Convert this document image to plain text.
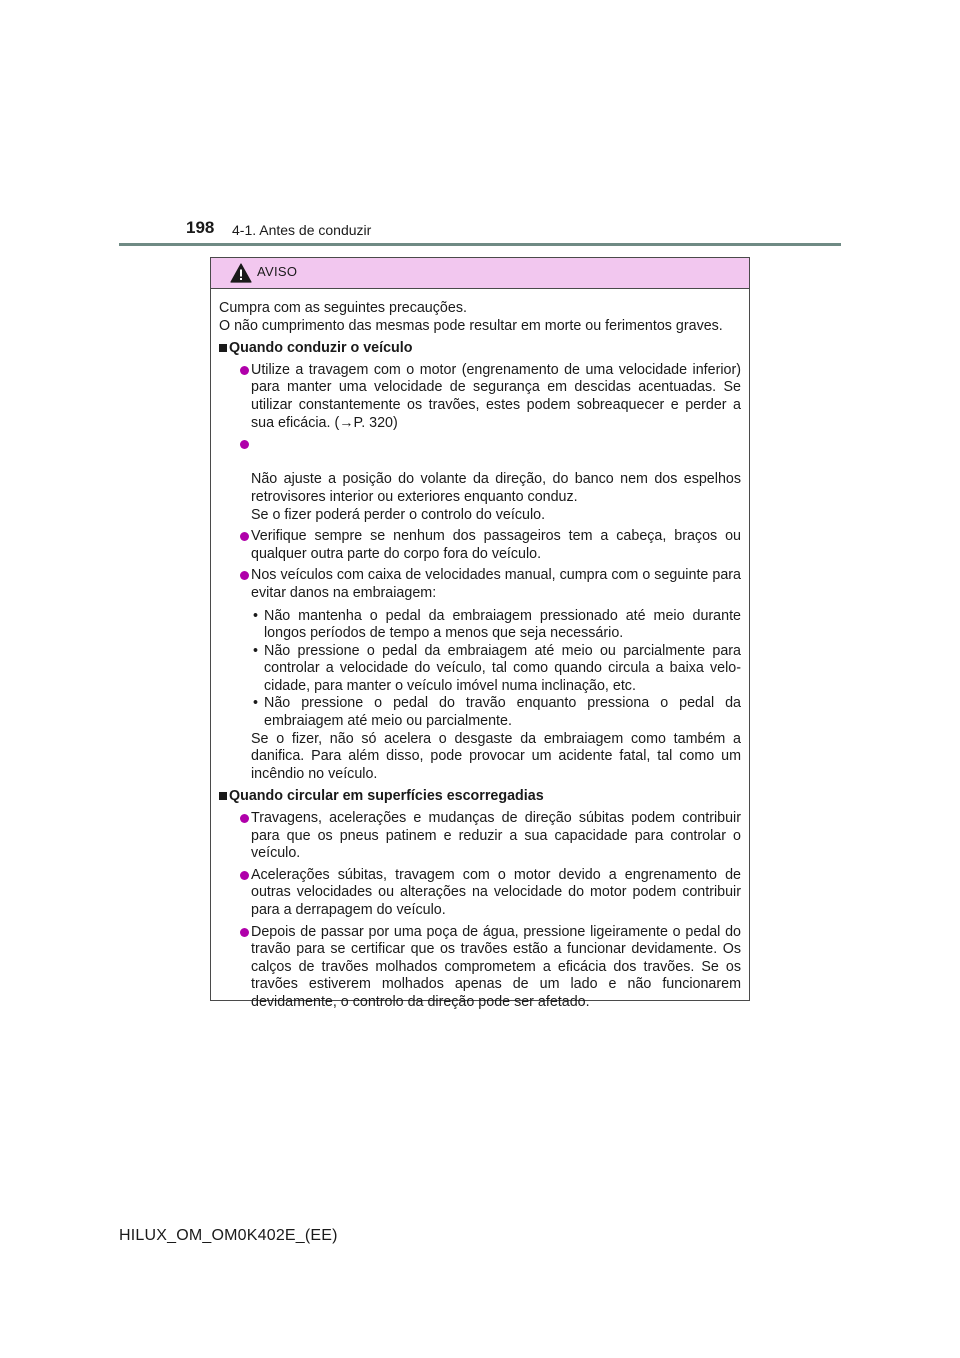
198 4-1. Antes de conduzir
AVISO
Cumpra com as seguintes precauções.
O não cumprimento das mesmas pode resultar em morte ou ferimentos graves.
Quando conduzir o veículo
Utilize a travagem com o motor (engrenamento de uma velocidade inferior) para manter uma velocidade de segurança em descidas acentuadas. Se utilizar constantemente os travões, estes podem sobreaquecer e perder a sua eficácia. (→P. 320)

Não ajuste a posição do volante da direção, do banco nem dos espelhos retrovisores interior ou exteriores enquanto conduz.
Se o fizer poderá perder o controlo do veículo.

Verifique sempre se nenhum dos passageiros tem a cabeça, braços ou qualquer outra parte do corpo fora do veículo.
Nos veículos com caixa de velocidades manual, cumpra com o seguinte para evitar danos na embraiagem:
• Não mantenha o pedal da embraiagem pressionado até meio durante longos períodos de tempo a menos que seja necessário.
• Não pressione o pedal da embraiagem até meio ou parcialmente para controlar a velocidade do veículo, tal como quando circula a baixa velocidade, para manter o veículo imóvel numa inclinação, etc.
• Não pressione o pedal do travão enquanto pressiona o pedal da embraiagem até meio ou parcialmente.
Se o fizer, não só acelera o desgaste da embraiagem como também a danifica. Para além disso, pode provocar um acidente fatal, tal como um incêndio no veículo.
Quando circular em superfícies escorregadias
Travagens, acelerações e mudanças de direção súbitas podem contribuir para que os pneus patinem e reduzir a sua capacidade para controlar o veículo.
Acelerações súbitas, travagem com o motor devido a engrenamento de outras velocidades ou alterações na velocidade do motor podem contribuir para a derrapagem do veículo.
Depois de passar por uma poça de água, pressione ligeiramente o pedal do travão para se certificar que os travões estão a funcionar devidamente. Os calços de travões molhados comprometem a eficácia dos travões. Se os travões estiverem molhados apenas de um lado e não funcionarem devidamente, o controlo da direção pode ser afetado.
HILUX_OM_OM0K402E_(EE)
